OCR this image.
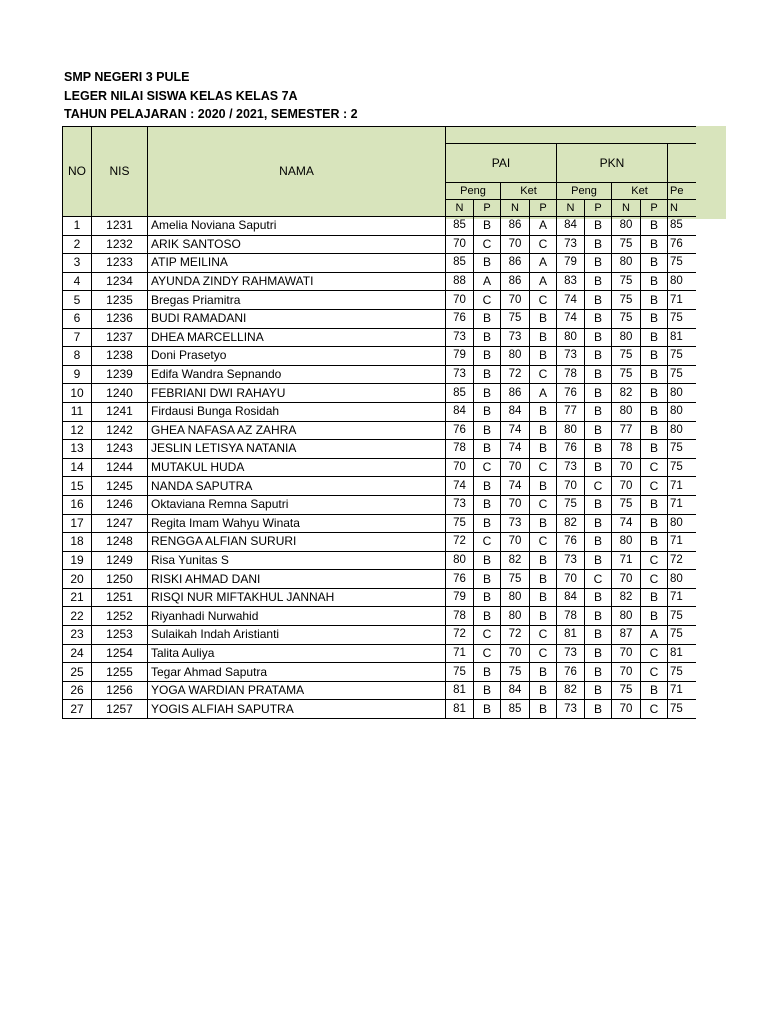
SMP NEGERI 3 PULE
LEGER NILAI SISWA KELAS KELAS 7A
TAHUN PELAJARAN : 2020 / 2021, SEMESTER : 2
NO	NIS	NAMA									
			PAI				PKN				
			Peng		Ket		Peng		Ket		Pe
			N	P	N	P	N	P	N	P	N
1	1231	Amelia Noviana Saputri	85	B	86	A	84	B	80	B	85
2	1232	ARIK SANTOSO	70	C	70	C	73	B	75	B	76
3	1233	ATIP MEILINA	85	B	86	A	79	B	80	B	75
4	1234	AYUNDA ZINDY RAHMAWATI	88	A	86	A	83	B	75	B	80
5	1235	Bregas Priamitra	70	C	70	C	74	B	75	B	71
6	1236	BUDI RAMADANI	76	B	75	B	74	B	75	B	75
7	1237	DHEA MARCELLINA	73	B	73	B	80	B	80	B	81
8	1238	Doni Prasetyo	79	B	80	B	73	B	75	B	75
9	1239	Edifa Wandra Sepnando	73	B	72	C	78	B	75	B	75
10	1240	FEBRIANI DWI RAHAYU	85	B	86	A	76	B	82	B	80
11	1241	Firdausi Bunga Rosidah	84	B	84	B	77	B	80	B	80
12	1242	GHEA NAFASA AZ ZAHRA	76	B	74	B	80	B	77	B	80
13	1243	JESLIN LETISYA NATANIA	78	B	74	B	76	B	78	B	75
14	1244	MUTAKUL HUDA	70	C	70	C	73	B	70	C	75
15	1245	NANDA SAPUTRA	74	B	74	B	70	C	70	C	71
16	1246	Oktaviana Remna Saputri	73	B	70	C	75	B	75	B	71
17	1247	Regita Imam Wahyu Winata	75	B	73	B	82	B	74	B	80
18	1248	RENGGA ALFIAN SURURI	72	C	70	C	76	B	80	B	71
19	1249	Risa Yunitas S	80	B	82	B	73	B	71	C	72
20	1250	RISKI AHMAD DANI	76	B	75	B	70	C	70	C	80
21	1251	RISQI NUR MIFTAKHUL JANNAH	79	B	80	B	84	B	82	B	71
22	1252	Riyanhadi Nurwahid	78	B	80	B	78	B	80	B	75
23	1253	Sulaikah Indah Aristianti	72	C	72	C	81	B	87	A	75
24	1254	Talita Auliya	71	C	70	C	73	B	70	C	81
25	1255	Tegar Ahmad Saputra	75	B	75	B	76	B	70	C	75
26	1256	YOGA WARDIAN PRATAMA	81	B	84	B	82	B	75	B	71
27	1257	YOGIS ALFIAH SAPUTRA	81	B	85	B	73	B	70	C	75
